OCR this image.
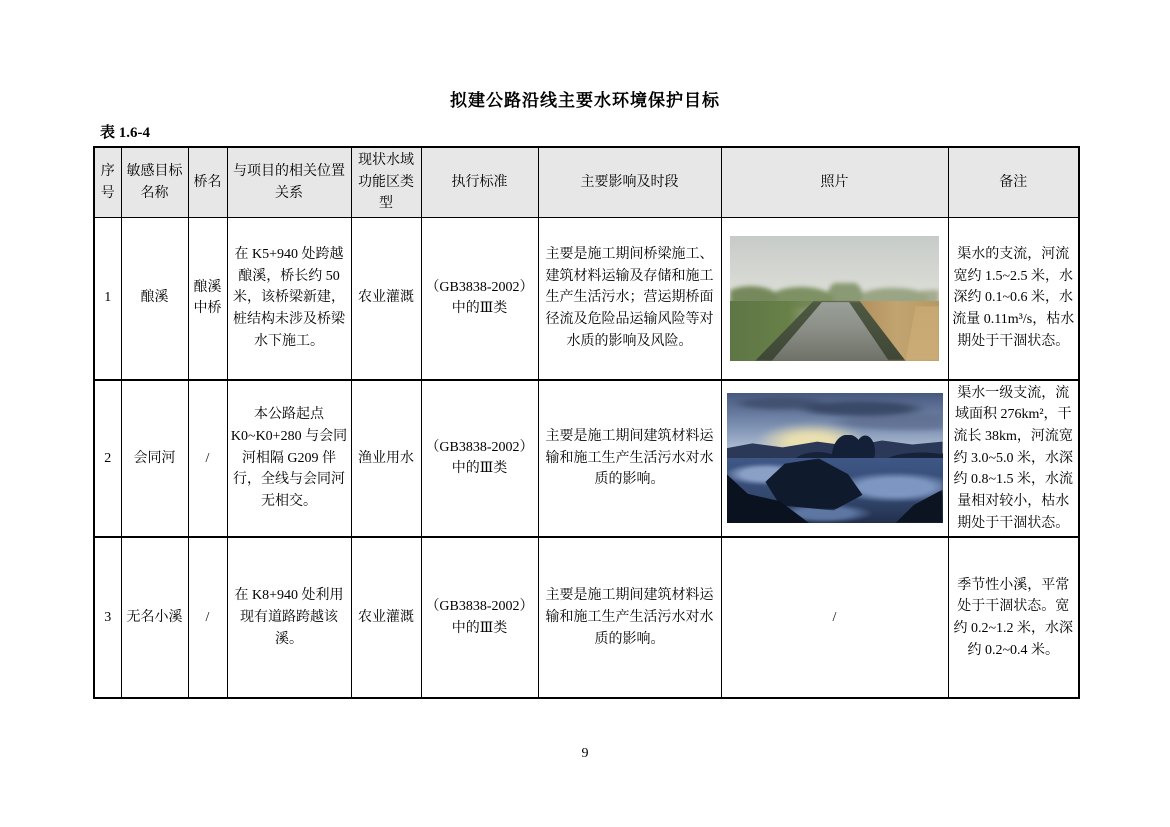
拟建公路沿线主要水环境保护目标
表 1.6-4
序号	敏感目标名称	桥名	与项目的相关位置关系	现状水域功能区类型	执行标准	主要影响及时段	照片	备注
1	酿溪	酿溪中桥	在 K5+940 处跨越酿溪，桥长约 50 米，该桥梁新建，桩结构未涉及桥梁水下施工。	农业灌溉	（GB3838-2002）中的Ⅲ类	主要是施工期间桥梁施工、建筑材料运输及存储和施工生产生活污水；营运期桥面径流及危险品运输风险等对水质的影响及风险。		渠水的支流，河流宽约 1.5~2.5 米，水深约 0.1~0.6 米，水流量 0.11m³/s，枯水期处于干涸状态。
2	会同河	/	本公路起点 K0~K0+280 与会同河相隔 G209 伴行，全线与会同河无相交。	渔业用水	（GB3838-2002）中的Ⅲ类	主要是施工期间建筑材料运输和施工生产生活污水对水质的影响。		渠水一级支流，流域面积 276km²，干流长 38km，河流宽约 3.0~5.0 米，水深约 0.8~1.5 米，水流量相对较小，枯水期处于干涸状态。
3	无名小溪	/	在 K8+940 处利用现有道路跨越该溪。	农业灌溉	（GB3838-2002）中的Ⅲ类	主要是施工期间建筑材料运输和施工生产生活污水对水质的影响。	/	季节性小溪，平常处于干涸状态。宽约 0.2~1.2 米，水深约 0.2~0.4 米。
9
